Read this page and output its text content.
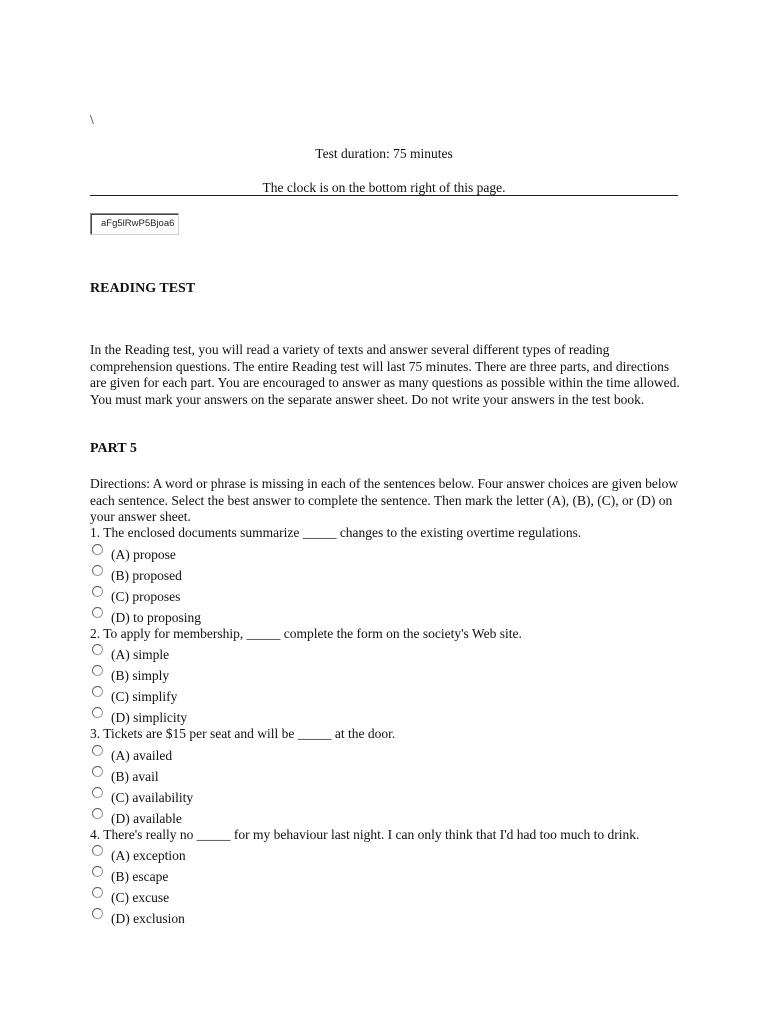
\
Test duration: 75 minutes
The clock is on the bottom right of this page.
aFg5lRwP5Bjoa6
READING TEST
In the Reading test, you will read a variety of texts and answer several different types of reading comprehension questions. The entire Reading test will last 75 minutes. There are three parts, and directions are given for each part. You are encouraged to answer as many questions as possible within the time allowed. You must mark your answers on the separate answer sheet. Do not write your answers in the test book.
PART 5
Directions: A word or phrase is missing in each of the sentences below. Four answer choices are given below each sentence. Select the best answer to complete the sentence. Then mark the letter (A), (B), (C), or (D) on your answer sheet.
1. The enclosed documents summarize _____ changes to the existing overtime regulations.
(A) propose
(B) proposed
(C) proposes
(D) to proposing
2. To apply for membership, _____ complete the form on the society's Web site.
(A) simple
(B) simply
(C) simplify
(D) simplicity
3. Tickets are $15 per seat and will be _____ at the door.
(A) availed
(B) avail
(C) availability
(D) available
4. There's really no _____ for my behaviour last night. I can only think that I'd had too much to drink.
(A) exception
(B) escape
(C) excuse
(D) exclusion
